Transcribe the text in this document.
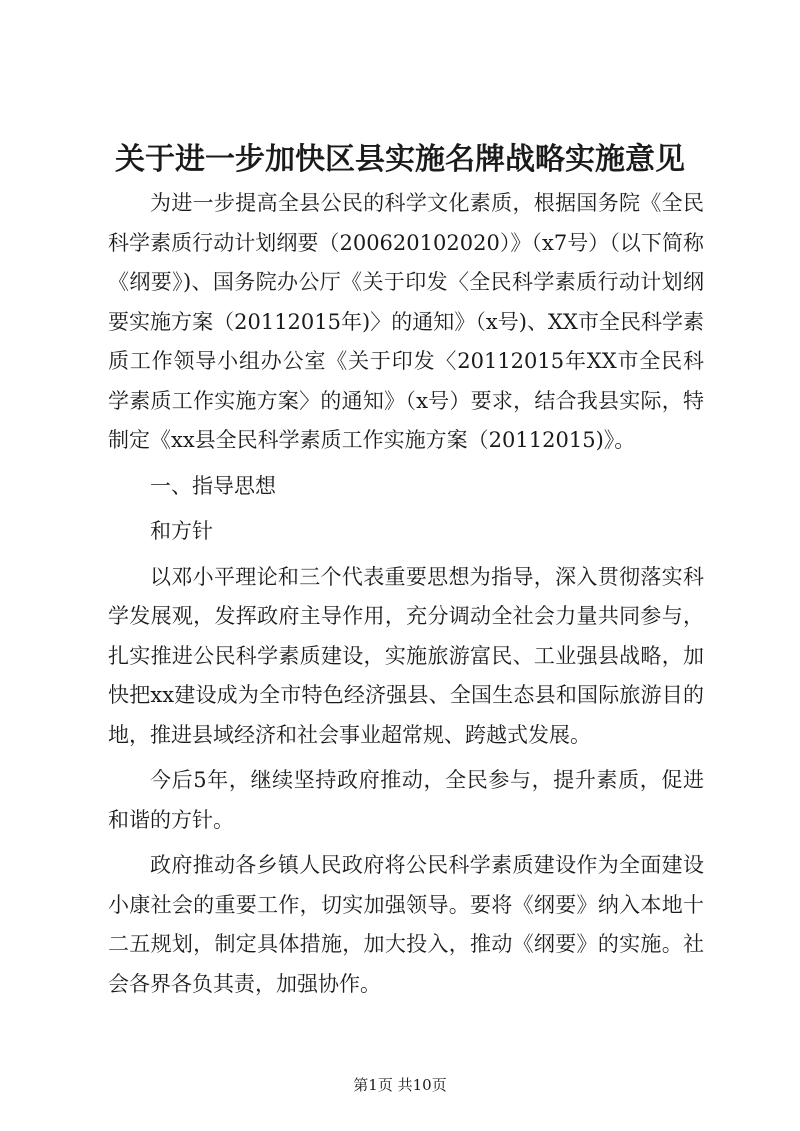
关于进一步加快区县实施名牌战略实施意见

为进一步提高全县公民的科学文化素质，根据国务院《全民科学素质行动计划纲要（200620102020）》（x7号）（以下简称《纲要》)、国务院办公厅《关于印发〈全民科学素质行动计划纲要实施方案（20112015年)〉的通知》（x号)、XX市全民科学素质工作领导小组办公室《关于印发〈20112015年XX市全民科学素质工作实施方案〉的通知》（x号）要求，结合我县实际，特制定《xx县全民科学素质工作实施方案（20112015)》。

一、指导思想

和方针

以邓小平理论和三个代表重要思想为指导，深入贯彻落实科学发展观，发挥政府主导作用，充分调动全社会力量共同参与，扎实推进公民科学素质建设，实施旅游富民、工业强县战略，加快把xx建设成为全市特色经济强县、全国生态县和国际旅游目的地，推进县域经济和社会事业超常规、跨越式发展。

今后5年，继续坚持政府推动，全民参与，提升素质，促进和谐的方针。

政府推动各乡镇人民政府将公民科学素质建设作为全面建设小康社会的重要工作，切实加强领导。要将《纲要》纳入本地十二五规划，制定具体措施，加大投入，推动《纲要》的实施。社会各界各负其责，加强协作。

第1页 共10页
